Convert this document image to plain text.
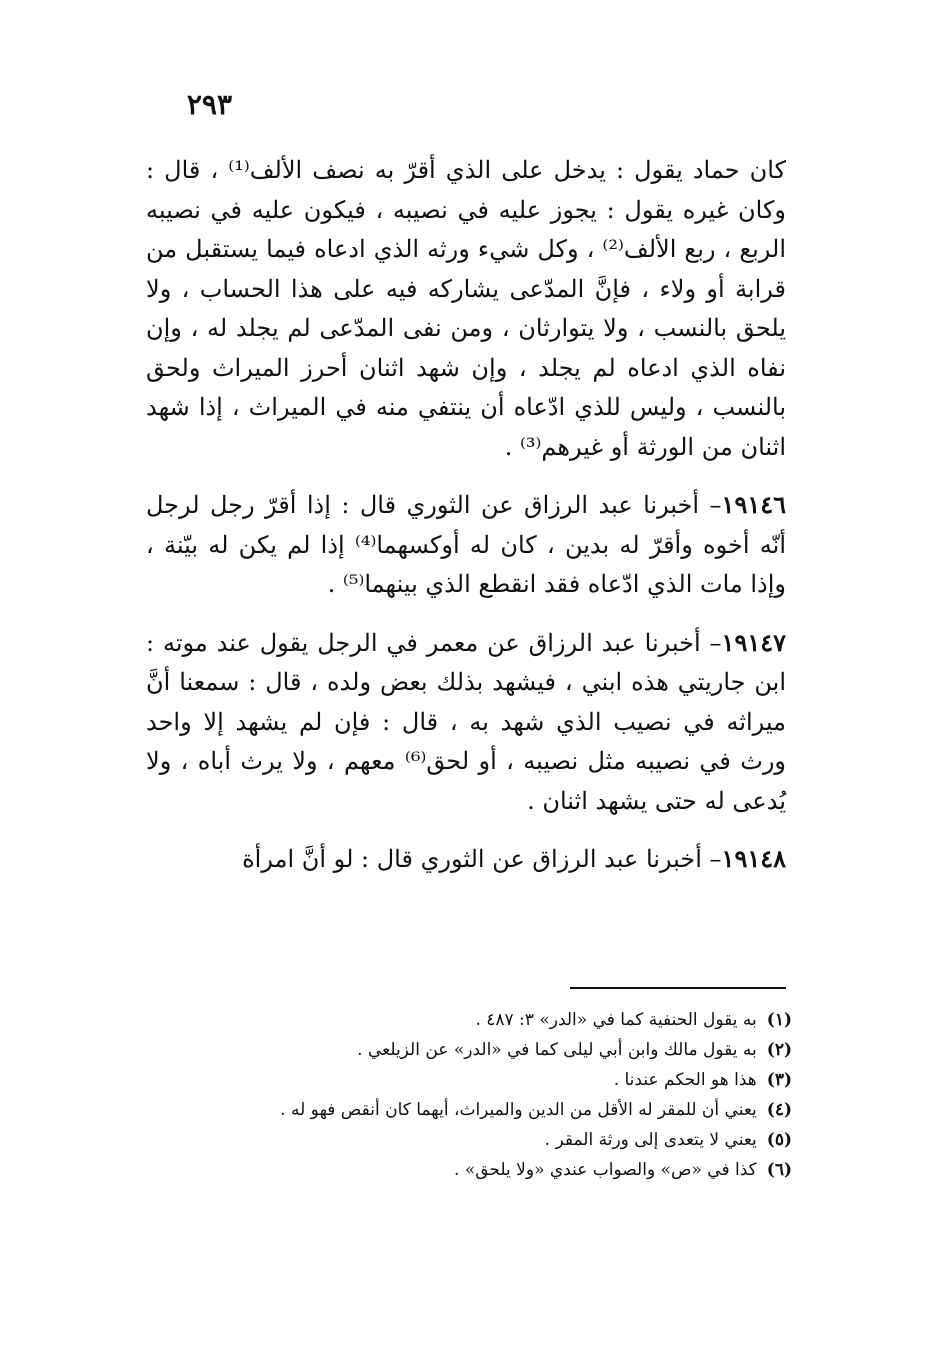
٢٩٣

كان حماد يقول : يدخل على الذي أقرّ به نصف الألف⁽¹⁾ ، قال : وكان غيره يقول : يجوز عليه في نصيبه ، فيكون عليه في نصيبه الربع ، ربع الألف⁽²⁾ ، وكل شيء ورثه الذي ادعاه فيما يستقبل من قرابة أو ولاء ، فإنَّ المدّعى يشاركه فيه على هذا الحساب ، ولا يلحق بالنسب ، ولا يتوارثان ، ومن نفى المدّعى لم يجلد له ، وإن نفاه الذي ادعاه لم يجلد ، وإن شهد اثنان أحرز الميراث ولحق بالنسب ، وليس للذي ادّعاه أن ينتفي منه في الميراث ، إذا شهد اثنان من الورثة أو غيرهم⁽³⁾ .

١٩١٤٦– أخبرنا عبد الرزاق عن الثوري قال : إذا أقرّ رجل لرجل أنّه أخوه وأقرّ له بدين ، كان له أوكسهما⁽⁴⁾ إذا لم يكن له بيّنة ، وإذا مات الذي ادّعاه فقد انقطع الذي بينهما⁽⁵⁾ .

١٩١٤٧– أخبرنا عبد الرزاق عن معمر في الرجل يقول عند موته : ابن جاريتي هذه ابني ، فيشهد بذلك بعض ولده ، قال : سمعنا أنَّ ميراثه في نصيب الذي شهد به ، قال : فإن لم يشهد إلا واحد ورث في نصيبه مثل نصيبه ، أو لحق⁽⁶⁾ معهم ، ولا يرث أباه ، ولا يُدعى له حتى يشهد اثنان .

١٩١٤٨– أخبرنا عبد الرزاق عن الثوري قال : لو أنَّ امرأة

(١)به يقول الحنفية كما في «الدر» ٣: ٤٨٧ .
(٢)به يقول مالك وابن أبي ليلى كما في «الدر» عن الزيلعي .
(٣)هذا هو الحكم عندنا .
(٤)يعني أن للمقر له الأقل من الدين والميراث، أيهما كان أنقص فهو له .
(٥)يعني لا يتعدى إلى ورثة المقر .
(٦)كذا في «ص» والصواب عندي «ولا يلحق» .
